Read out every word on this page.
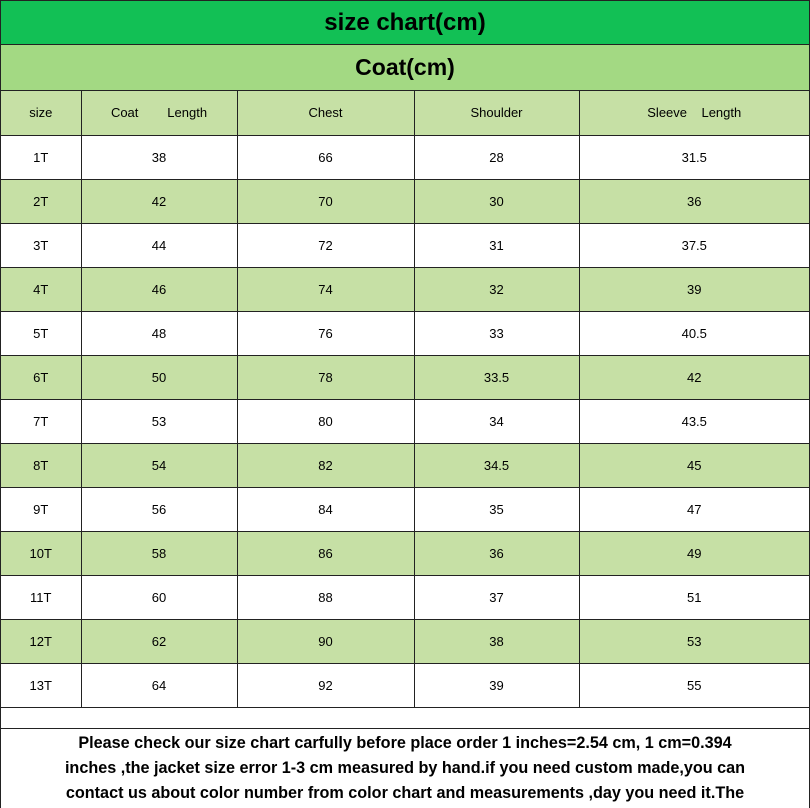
size chart(cm)
Coat(cm)
size	Coat        Length	Chest	Shoulder	Sleeve    Length
1T	38	66	28	31.5
2T	42	70	30	36
3T	44	72	31	37.5
4T	46	74	32	39
5T	48	76	33	40.5
6T	50	78	33.5	42
7T	53	80	34	43.5
8T	54	82	34.5	45
9T	56	84	35	47
10T	58	86	36	49
11T	60	88	37	51
12T	62	90	38	53
13T	64	92	39	55
Please check our size chart carfully before place order 1 inches=2.54 cm, 1 cm=0.394
inches ,the jacket size error 1-3 cm measured by hand.if you need custom made,you can
contact us about color number from color chart and measurements ,day you need it.The
